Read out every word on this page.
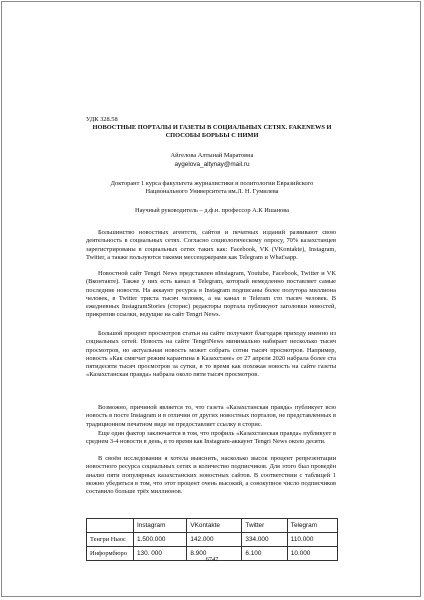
УДК 328.58
НОВОСТНЫЕ ПОРТАЛЫ И ГАЗЕТЫ В СОЦИАЛЬНЫХ СЕТЯХ. FAKENEWS И
СПОСОБЫ БОРЬБЫ С НИМИ
Айгелова Алтынай Маратовна
aygelova_altynay@mail.ru
Докторант 1 курса факультета журналистики и политологии Евразийского
Национального Университета им.Л. Н. Гумилева
Научный руководитель – д.ф.н. профессор А.К Ишанова

Большинство новостных агентств, сайтов и печатных изданий развивают свою деятельность в социальных сетях. Согласно социологическому опросу, 70% казахстанцев зарегистрированы в социальных сетях таких как: Facebook, VK (VKontakte), Instagram, Twitter, а также пользуются такими мессенджерами как Telegram и What'sapp.

Новостной сайт Tengri News представлен вInstagram, Youtube, Facebook, Twitter и VK (Вконтакте). Также у них есть канал в Telegram, который немедленно поставляет самые последние новости. На аккаунт ресурса в Instagram подписаны более полутора миллиона человек, в Twitter триста тысяч человек, а на канал в Teleram сто тысяч человек. В ежедневных InstagramStories (сторис) редакторы портала публикуют заголовки новостей, прикрепив ссылки, ведущие на сайт Tengri News.

Большой процент просмотров статьи на сайте получают благодаря приходу именно из социальных сетей. Новость на сайте TengriNews минимально набирает несколько тысяч просмотров, но актуальная новость может собрать сотни тысяч просмотров. Например, новость «Как смягчат режим карантина в Казахстане» от 27 апреля 2020 набрала более ста пятидесяти тысяч просмотров за сутки, в то время как похожая новость на сайте газеты «Казахстанская правда» набрала около пяти тысяч просмотров.

Возможно, причиной является то, что газета «Казахстанская правда» публикует всю новость в посте Instagram и в отличии от других новостных порталов, не представленных в традиционном печатном виде не предоставляет ссылку в сторис.

Еще один фактор заключается в том, что профиль «Казахстанская правда» публикует в среднем 3-4 новости в день, в то время как Instagram-аккаунт Tengri News около десяти.

В своём исследовании я хотела выяснить, насколько высок процент репрезентации новостного ресурса социальных сетях и количество подписчиков. Для этого был проведён анализ пяти популярных казахстанских новостных сайтов. В соответствии с таблицей 1 можно убедиться в том, что этот процент очень высокий, а совокупное число подписчиков составило больше трёх миллионов.

	Instagram	VKontakte	Twitter	Telegram
Тенгри Ньюс	1.500.000	142.000	334.000	110.000
Информбюро	130. 000	8.900	6.100	10.000
6747
